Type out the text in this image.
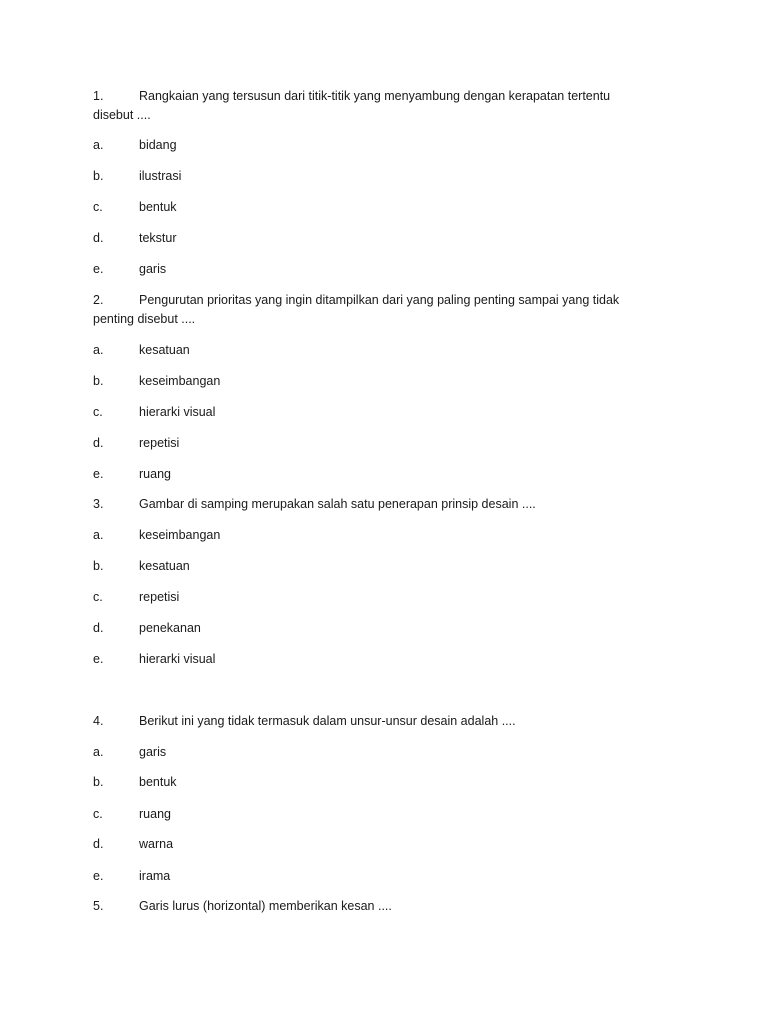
1.	Rangkaian yang tersusun dari titik-titik yang menyambung dengan kerapatan tertentu
disebut ....
a.	bidang
b.	ilustrasi
c.	bentuk
d.	tekstur
e.	garis
2.	Pengurutan prioritas yang ingin ditampilkan dari yang paling penting sampai yang tidak
penting disebut ....
a.	kesatuan
b.	keseimbangan
c.	hierarki visual
d.	repetisi
e.	ruang
3.	Gambar di samping merupakan salah satu penerapan prinsip desain ....
a.	keseimbangan
b.	kesatuan
c.	repetisi
d.	penekanan
e.	hierarki visual
4.	Berikut ini yang tidak termasuk dalam unsur-unsur desain adalah ....
a.	garis
b.	bentuk
c.	ruang
d.	warna
e.	irama
5.	Garis lurus (horizontal) memberikan kesan ....
